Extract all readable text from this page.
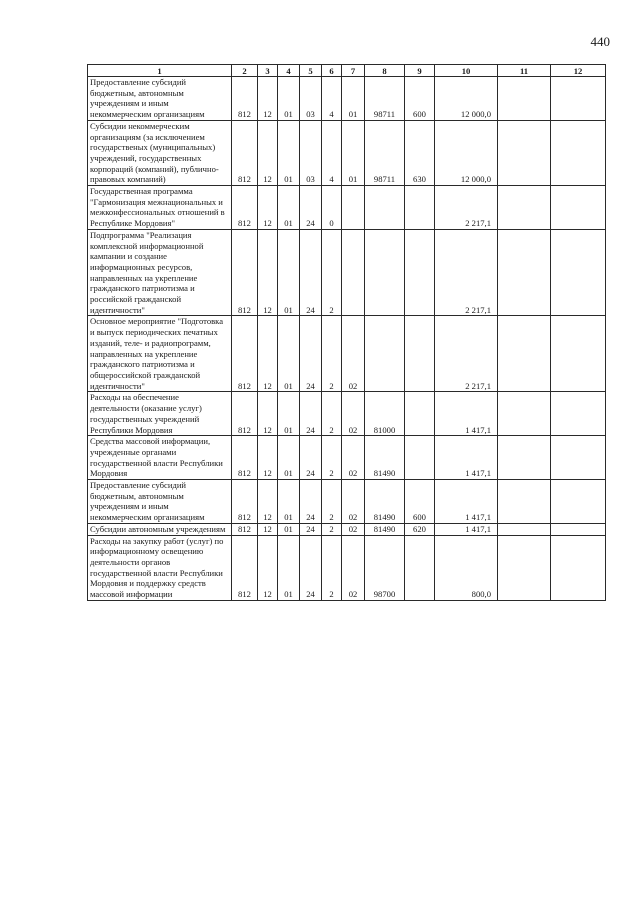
440
1	2	3	4	5	6	7	8	9	10	11	12
Предоставление субсидий бюджетным, автономным учреждениям и иным некоммерческим организациям	812	12	01	03	4	01	98711	600	12 000,0		
Субсидии некоммерческим организациям (за исключением государственых (муниципальных) учреждений, государственных корпораций (компаний), публично-правовых компаний)	812	12	01	03	4	01	98711	630	12 000,0		
Государственная программа "Гармонизация межнациональных и межконфессиональных отношений в Республике Мордовия"	812	12	01	24	0				2 217,1		
Подпрограмма "Реализация комплексной информационной кампании и создание информационных ресурсов, направленных на укрепление гражданского патриотизма и российской гражданской идентичности"	812	12	01	24	2				2 217,1		
Основное мероприятие "Подготовка и выпуск периодических печатных изданий, теле- и радиопрограмм, направленных на укрепление гражданского патриотизма и общероссийской гражданской идентичности"	812	12	01	24	2	02			2 217,1		
Расходы на обеспечение деятельности (оказание услуг) государственных учреждений Республики Мордовия	812	12	01	24	2	02	81000		1 417,1		
Средства массовой информации, учрежденные органами государственной власти Республики Мордовия	812	12	01	24	2	02	81490		1 417,1		
Предоставление субсидий бюджетным, автономным учреждениям и иным некоммерческим организациям	812	12	01	24	2	02	81490	600	1 417,1		
Субсидии автономным учреждениям	812	12	01	24	2	02	81490	620	1 417,1		
Расходы на закупку работ (услуг) по информационному освещению деятельности органов государственной власти Республики Мордовия и поддержку средств массовой информации	812	12	01	24	2	02	98700		800,0		
